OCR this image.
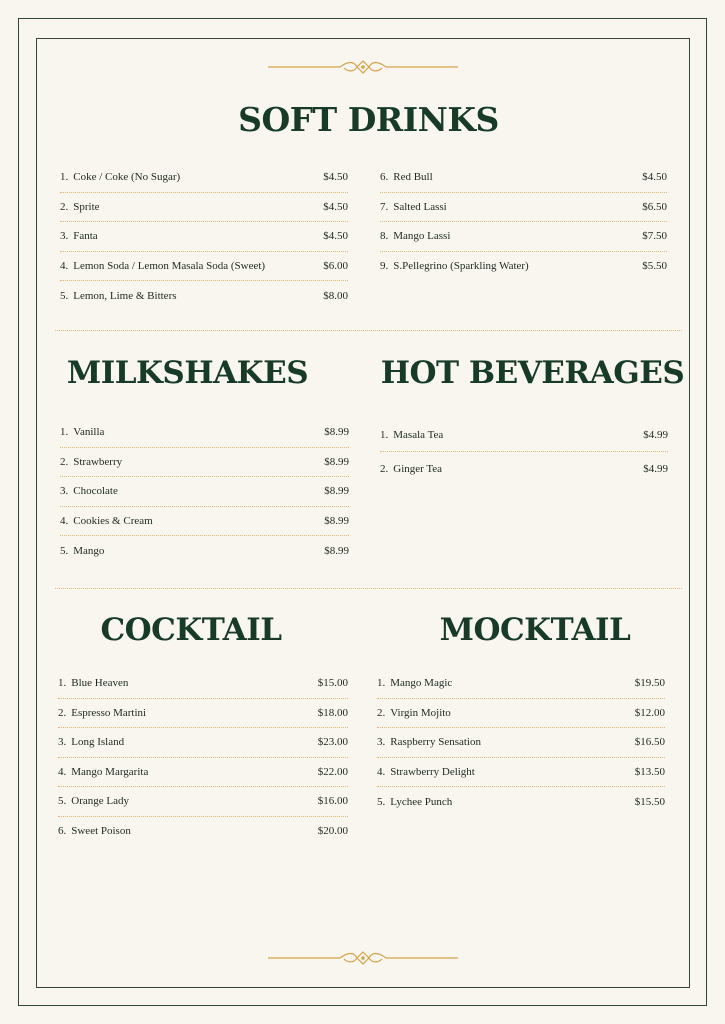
SOFT DRINKS
1. Coke / Coke (No Sugar)	$4.50
2. Sprite	$4.50
3. Fanta	$4.50
4. Lemon Soda / Lemon Masala Soda (Sweet)	$6.00
5. Lemon, Lime & Bitters	$8.00
6. Red Bull	$4.50
7. Salted Lassi	$6.50
8. Mango Lassi	$7.50
9. S.Pellegrino (Sparkling Water)	$5.50
MILKSHAKES	HOT BEVERAGES
1. Vanilla	$8.99
2. Strawberry	$8.99
3. Chocolate	$8.99
4. Cookies & Cream	$8.99
5. Mango	$8.99
1. Masala Tea	$4.99
2. Ginger Tea	$4.99
COCKTAIL	MOCKTAIL
1. Blue Heaven	$15.00
2. Espresso Martini	$18.00
3. Long Island	$23.00
4. Mango Margarita	$22.00
5. Orange Lady	$16.00
6. Sweet Poison	$20.00
1. Mango Magic	$19.50
2. Virgin Mojito	$12.00
3. Raspberry Sensation	$16.50
4. Strawberry Delight	$13.50
5. Lychee Punch	$15.50
